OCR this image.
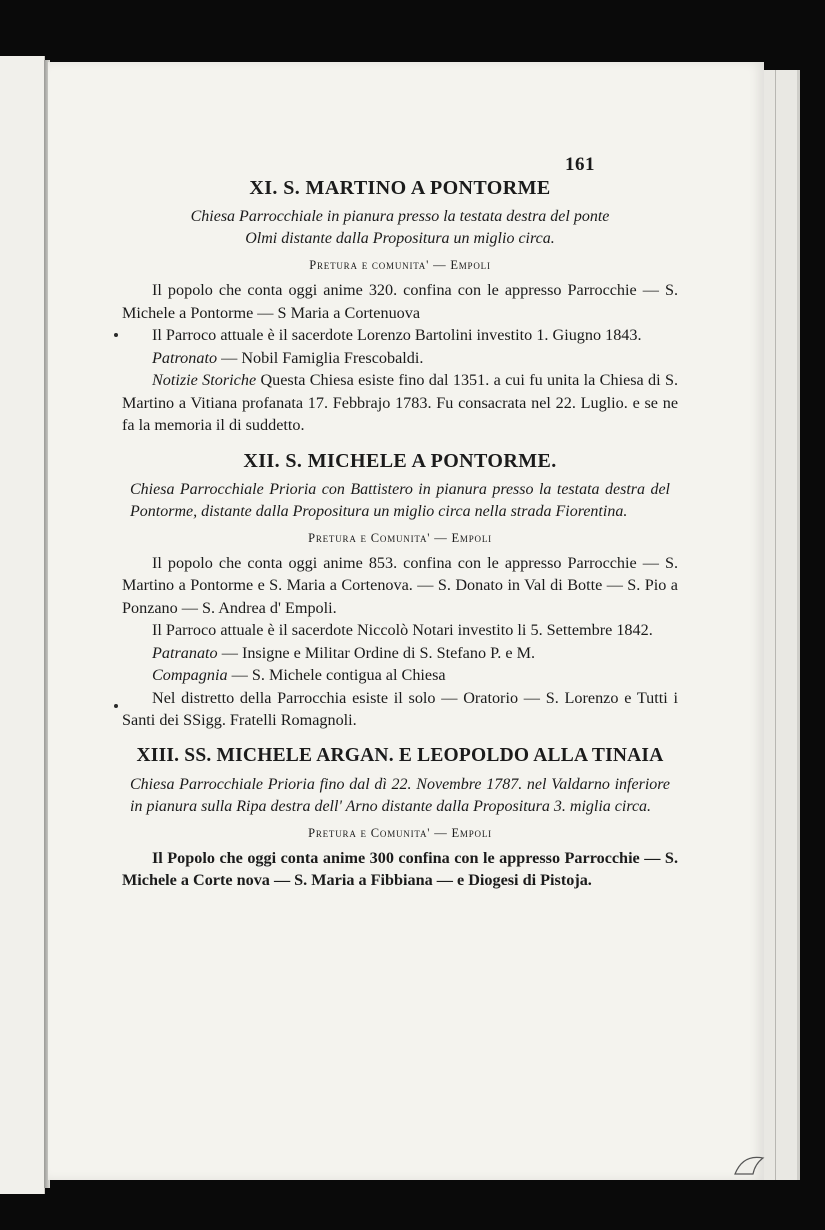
161
XI. S. MARTINO A PONTORME

Chiesa Parrocchiale in pianura presso la testata destra del ponte
Olmi distante dalla Propositura un miglio circa.

Pretura e comunita' — Empoli

Il popolo che conta oggi anime 320. confina con le appresso Parrocchie — S. Michele a Pontorme — S Maria a Cortenuova

Il Parroco attuale è il sacerdote Lorenzo Bartolini investito 1. Giugno 1843.

Patronato — Nobil Famiglia Frescobaldi.

Notizie Storiche Questa Chiesa esiste fino dal 1351. a cui fu unita la Chiesa di S. Martino a Vitiana profanata 17. Febbrajo 1783. Fu consacrata nel 22. Luglio. e se ne fa la memoria il di suddetto.

XII. S. MICHELE A PONTORME.

Chiesa Parrocchiale Prioria con Battistero in pianura presso la testata destra del Pontorme, distante dalla Propositura un miglio circa nella strada Fiorentina.

Pretura e Comunita' — Empoli

Il popolo che conta oggi anime 853. confina con le appresso Parrocchie — S. Martino a Pontorme e S. Maria a Cortenova. — S. Donato in Val di Botte — S. Pio a Ponzano — S. Andrea d' Empoli.

Il Parroco attuale è il sacerdote Niccolò Notari investito li 5. Settembre 1842.

Patranato — Insigne e Militar Ordine di S. Stefano P. e M.

Compagnia — S. Michele contigua al Chiesa

Nel distretto della Parrocchia esiste il solo — Oratorio — S. Lorenzo e Tutti i Santi dei SSigg. Fratelli Romagnoli.

XIII. SS. MICHELE ARGAN. E LEOPOLDO ALLA TINAIA

Chiesa Parrocchiale Prioria fino dal dì 22. Novembre 1787. nel Valdarno inferiore in pianura sulla Ripa destra dell' Arno distante dalla Propositura 3. miglia circa.

Pretura e Comunita' — Empoli

Il Popolo che oggi conta animе 300 confina con le appresso Parrocchie — S. Michele a Corte nova — S. Maria a Fibbiana — e Diogesi di Pistoja.
